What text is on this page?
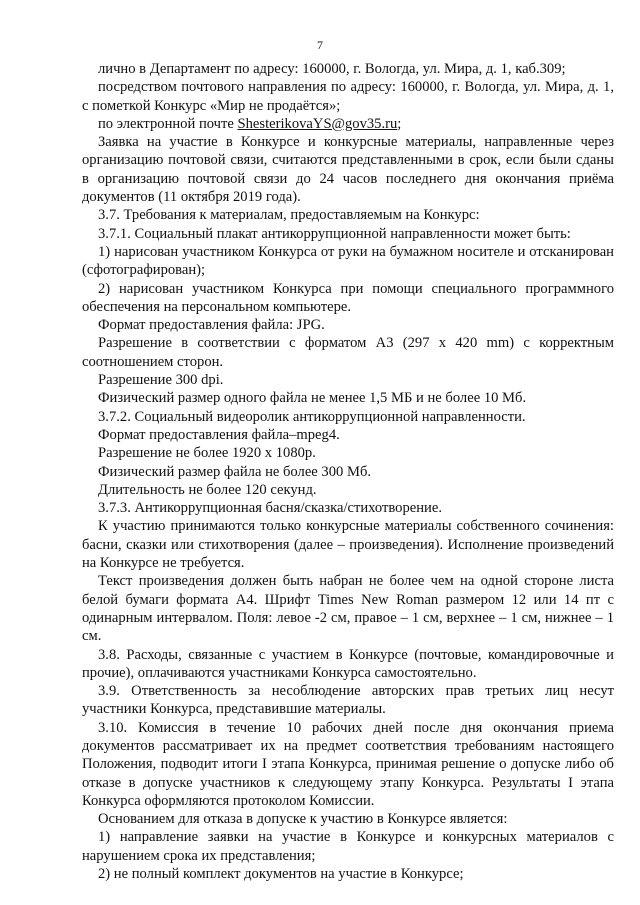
7

лично в Департамент по адресу: 160000, г. Вологда, ул. Мира, д. 1, каб.309;

посредством почтового направления по адресу: 160000, г. Вологда, ул. Мира, д. 1, с пометкой Конкурс «Мир не продаётся»;

по электронной почте ShesterikovaYS@gov35.ru;

Заявка на участие в Конкурсе и конкурсные материалы, направленные через организацию почтовой связи, считаются представленными в срок, если были сданы в организацию почтовой связи до 24 часов последнего дня окончания приёма документов (11 октября 2019 года).

3.7. Требования к материалам, предоставляемым на Конкурс:

3.7.1. Социальный плакат антикоррупционной направленности может быть:

1) нарисован участником Конкурса от руки на бумажном носителе и отсканирован (сфотографирован);

2) нарисован участником Конкурса при помощи специального программного обеспечения на персональном компьютере.

Формат предоставления файла: JPG.

Разрешение в соответствии с форматом А3 (297 х 420 mm) с корректным соотношением сторон.

Разрешение 300 dpi.

Физический размер одного файла не менее 1,5 МБ и не более 10 Мб.

3.7.2. Социальный видеоролик антикоррупционной направленности.

Формат предоставления файла–mpeg4.

Разрешение не более 1920 х 1080р.

Физический размер файла не более 300 Мб.

Длительность не более 120 секунд.

3.7.3. Антикоррупционная басня/сказка/стихотворение.

К участию принимаются только конкурсные материалы собственного сочинения: басни, сказки или стихотворения (далее – произведения). Исполнение произведений на Конкурсе не требуется.

Текст произведения должен быть набран не более чем на одной стороне листа белой бумаги формата А4. Шрифт Times New Roman размером 12 или 14 пт с одинарным интервалом. Поля: левое -2 см, правое – 1 см, верхнее – 1 см, нижнее – 1 см.

3.8. Расходы, связанные с участием в Конкурсе (почтовые, командировочные и прочие), оплачиваются участниками Конкурса самостоятельно.

3.9. Ответственность за несоблюдение авторских прав третьих лиц несут участники Конкурса, представившие материалы.

3.10. Комиссия в течение 10 рабочих дней после дня окончания приема документов рассматривает их на предмет соответствия требованиям настоящего Положения, подводит итоги I этапа Конкурса, принимая решение о допуске либо об отказе в допуске участников к следующему этапу Конкурса. Результаты I этапа Конкурса оформляются протоколом Комиссии.

Основанием для отказа в допуске к участию в Конкурсе является:

1) направление заявки на участие в Конкурсе и конкурсных материалов с нарушением срока их представления;

2) не полный комплект документов на участие в Конкурсе;
